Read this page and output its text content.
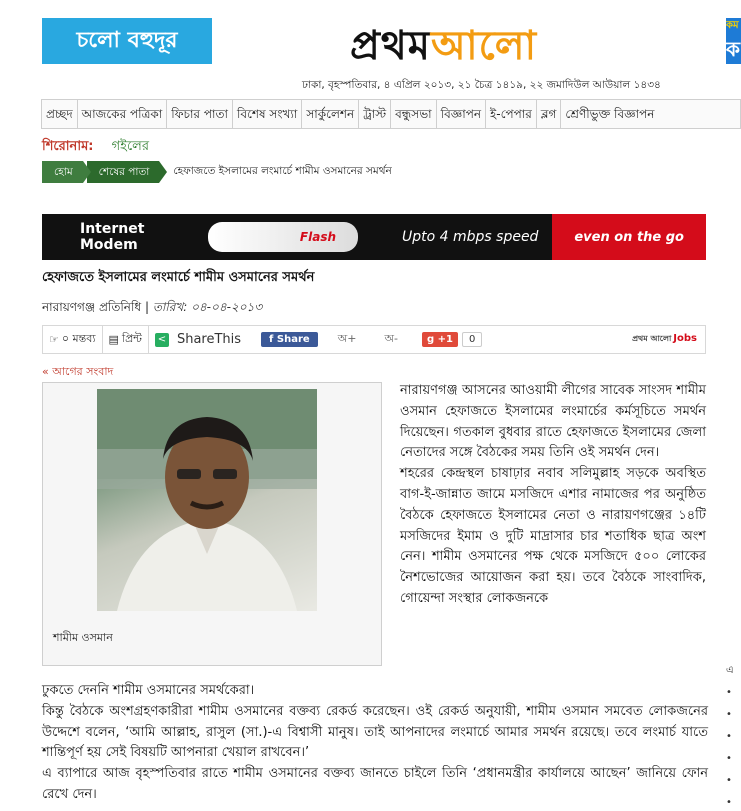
চলো বহুদূর	প্রথমআলো
ঢাকা, বৃহস্পতিবার, ৪ এপ্রিল ২০১৩, ২১ চৈত্র ১৪১৯, ২২ জমাদিউল আউয়াল ১৪৩৪
কম
ক
প্রচ্ছদ আজকের পত্রিকা ফিচার পাতা বিশেষ সংখ্যা সার্কুলেশন ট্রাস্ট বন্ধুসভা বিজ্ঞাপন ই-পেপার ব্লগ শ্রেণীভুক্ত বিজ্ঞাপন
শিরোনাম: গইলের
হোম	শেষের পাতা	হেফাজতে ইসলামের লংমার্চে শামীম ওসমানের সমর্থন
Internet
Modem	Flash	Upto 4 mbps speed	even on the go
হেফাজতে ইসলামের লংমার্চে শামীম ওসমানের সমর্থন
নারায়ণগঞ্জ প্রতিনিধি | তারিখ: ০৪-০৪-২০১৩
☞ ০ মন্তব্য ▤ প্রিন্ট < ShareThis	f Share	অ+	অ-	g +1	0	প্রথম আলো Jobs
« আগের সংবাদ
শামীম ওসমান

নারায়ণগঞ্জ আসনের আওয়ামী লীগের সাবেক সাংসদ শামীম ওসমান হেফাজতে ইসলামের লংমার্চের কর্মসূচিতে সমর্থন দিয়েছেন। গতকাল বুধবার রাতে হেফাজতে ইসলামের জেলা নেতাদের সঙ্গে বৈঠকের সময় তিনি ওই সমর্থন দেন।

শহরের কেন্দ্রস্থল চাষাঢ়ার নবাব সলিমুল্লাহ সড়কে অবস্থিত বাগ-ই-জান্নাত জামে মসজিদে এশার নামাজের পর অনুষ্ঠিত বৈঠকে হেফাজতে ইসলামের নেতা ও নারায়ণগঞ্জের ১৪টি মসজিদের ইমাম ও দুটি মাদ্রাসার চার শতাধিক ছাত্র অংশ নেন। শামীম ওসমানের পক্ষ থেকে মসজিদে ৫০০ লোকের নৈশভোজের আয়োজন করা হয়। তবে বৈঠকে সাংবাদিক, গোয়েন্দা সংস্থার লোকজনকে

ঢুকতে দেননি শামীম ওসমানের সমর্থকেরা।

কিন্তু বৈঠকে অংশগ্রহণকারীরা শামীম ওসমানের বক্তব্য রেকর্ড করেছেন। ওই রেকর্ড অনুযায়ী, শামীম ওসমান সমবেত লোকজনের উদ্দেশে বলেন, ‘আমি আল্লাহ, রাসুল (সা.)-এ বিশ্বাসী মানুষ। তাই আপনাদের লংমার্চে আমার সমর্থন রয়েছে। তবে লংমার্চ যাতে শান্তিপূর্ণ হয় সেই বিষয়টি আপনারা খেয়াল রাখবেন।’

এ ব্যাপারে আজ বৃহস্পতিবার রাতে শামীম ওসমানের বক্তব্য জানতে চাইলে তিনি ‘প্রধানমন্ত্রীর কার্যালয়ে আছেন’ জানিয়ে ফোন রেখে দেন।

এ
•
•
•
•
•
•
